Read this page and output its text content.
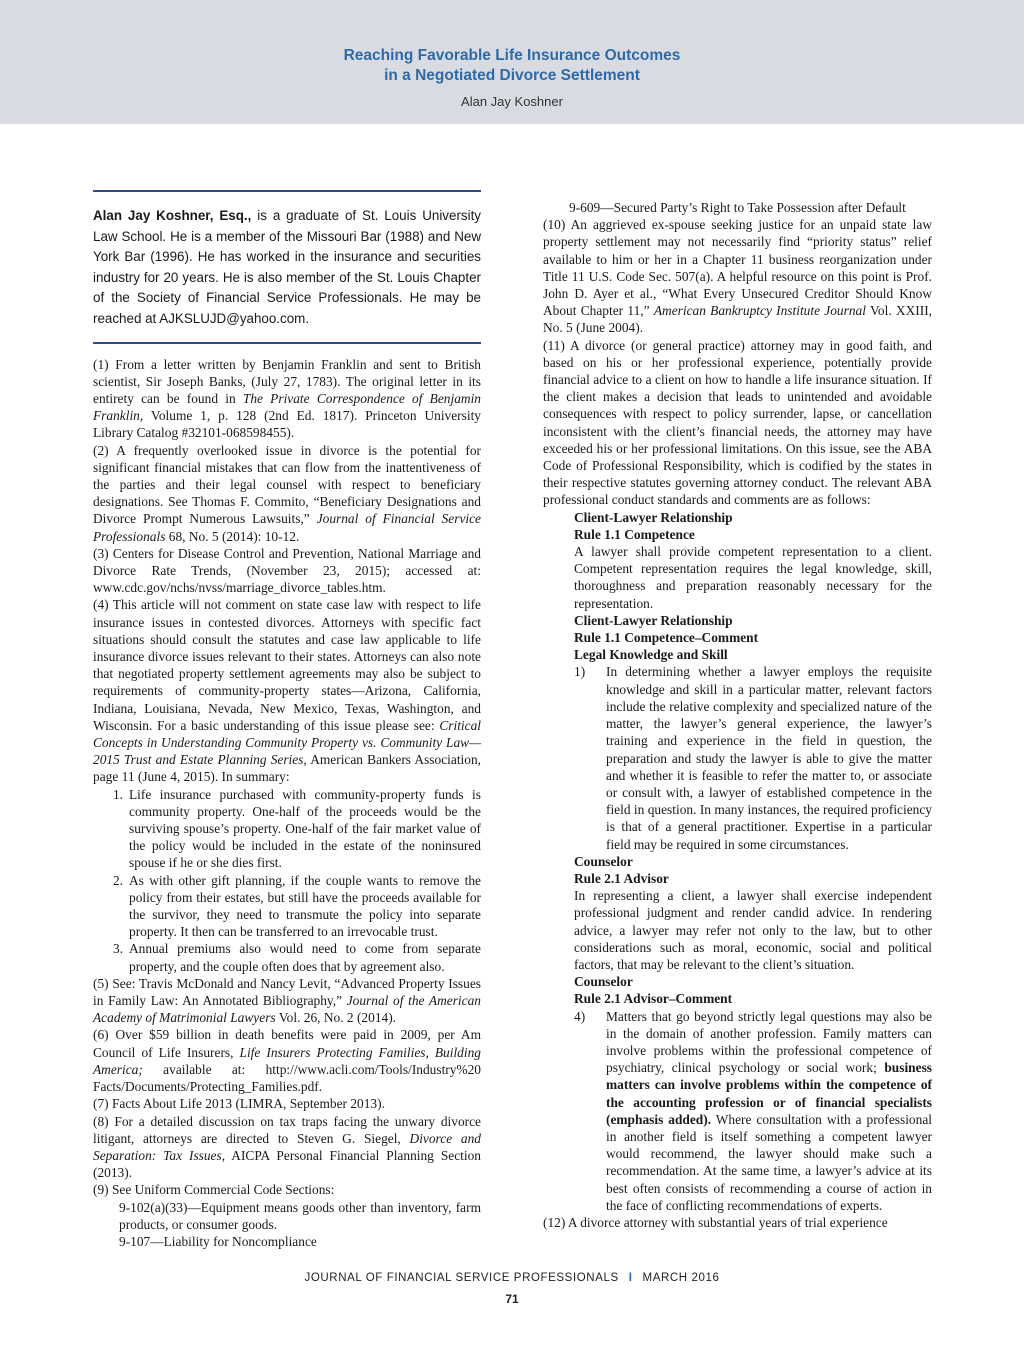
Reaching Favorable Life Insurance Outcomes
in a Negotiated Divorce Settlement
Alan Jay Koshner
Alan Jay Koshner, Esq., is a graduate of St. Louis University Law School. He is a member of the Missouri Bar (1988) and New York Bar (1996). He has worked in the insurance and securities industry for 20 years. He is also member of the St. Louis Chapter of the Society of Financial Service Professionals. He may be reached at AJKSLUJD@yahoo.com.

(1) From a letter written by Benjamin Franklin and sent to British scientist, Sir Joseph Banks, (July 27, 1783). The original letter in its entirety can be found in The Private Correspondence of Benjamin Franklin, Volume 1, p. 128 (2nd Ed. 1817). Princeton University Library Catalog #32101-068598455).

(2) A frequently overlooked issue in divorce is the potential for significant financial mistakes that can flow from the inattentiveness of the parties and their legal counsel with respect to beneficiary designations. See Thomas F. Commito, “Beneficiary Designations and Divorce Prompt Numerous Lawsuits,” Journal of Financial Service Professionals 68, No. 5 (2014): 10-12.

(3) Centers for Disease Control and Prevention, National Marriage and Divorce Rate Trends, (November 23, 2015); accessed at: www.cdc.gov/nchs/nvss/marriage_divorce_tables.htm.

(4) This article will not comment on state case law with respect to life insurance issues in contested divorces. Attorneys with specific fact situations should consult the statutes and case law applicable to life insurance divorce issues relevant to their states. Attorneys can also note that negotiated property settlement agreements may also be subject to requirements of community-property states—Arizona, California, Indiana, Louisiana, Nevada, New Mexico, Texas, Washington, and Wisconsin. For a basic understanding of this issue please see: Critical Concepts in Understanding Community Property vs. Community Law—2015 Trust and Estate Planning Series, American Bankers Association, page 11 (June 4, 2015). In summary:

1. Life insurance purchased with community-property funds is community property. One-half of the proceeds would be the surviving spouse’s property. One-half of the fair market value of the policy would be included in the estate of the noninsured spouse if he or she dies first.
2. As with other gift planning, if the couple wants to remove the policy from their estates, but still have the proceeds available for the survivor, they need to transmute the policy into separate property. It then can be transferred to an irrevocable trust.
3. Annual premiums also would need to come from separate property, and the couple often does that by agreement also.

(5) See: Travis McDonald and Nancy Levit, “Advanced Property Issues in Family Law: An Annotated Bibliography,” Journal of the American Academy of Matrimonial Lawyers Vol. 26, No. 2 (2014).

(6) Over $59 billion in death benefits were paid in 2009, per Am Council of Life Insurers, Life Insurers Protecting Families, Building America; available at: http://www.acli.com/Tools/Industry%20 Facts/Documents/Protecting_Families.pdf.

(7) Facts About Life 2013 (LIMRA, September 2013).

(8) For a detailed discussion on tax traps facing the unwary divorce litigant, attorneys are directed to Steven G. Siegel, Divorce and Separation: Tax Issues, AICPA Personal Financial Planning Section (2013).

(9) See Uniform Commercial Code Sections:

9-102(a)(33)—Equipment means goods other than inventory, farm products, or consumer goods.

9-107—Liability for Noncompliance

9-609—Secured Party’s Right to Take Possession after Default

(10) An aggrieved ex-spouse seeking justice for an unpaid state law property settlement may not necessarily find “priority status” relief available to him or her in a Chapter 11 business reorganization under Title 11 U.S. Code Sec. 507(a). A helpful resource on this point is Prof. John D. Ayer et al., “What Every Unsecured Creditor Should Know About Chapter 11,” American Bankruptcy Institute Journal Vol. XXIII, No. 5 (June 2004).

(11) A divorce (or general practice) attorney may in good faith, and based on his or her professional experience, potentially provide financial advice to a client on how to handle a life insurance situation. If the client makes a decision that leads to unintended and avoidable consequences with respect to policy surrender, lapse, or cancellation inconsistent with the client’s financial needs, the attorney may have exceeded his or her professional limitations. On this issue, see the ABA Code of Professional Responsibility, which is codified by the states in their respective statutes governing attorney conduct. The relevant ABA professional conduct standards and comments are as follows:

Client-Lawyer Relationship

Rule 1.1 Competence

A lawyer shall provide competent representation to a client. Competent representation requires the legal knowledge, skill, thoroughness and preparation reasonably necessary for the representation.

Client-Lawyer Relationship

Rule 1.1 Competence–Comment

Legal Knowledge and Skill

1)	In determining whether a lawyer employs the requisite knowledge and skill in a particular matter, relevant factors include the relative complexity and specialized nature of the matter, the lawyer’s general experience, the lawyer’s training and experience in the field in question, the preparation and study the lawyer is able to give the matter and whether it is feasible to refer the matter to, or associate or consult with, a lawyer of established competence in the field in question. In many instances, the required proficiency is that of a general practitioner. Expertise in a particular field may be required in some circumstances.

Counselor

Rule 2.1 Advisor

In representing a client, a lawyer shall exercise independent professional judgment and render candid advice. In rendering advice, a lawyer may refer not only to the law, but to other considerations such as moral, economic, social and political factors, that may be relevant to the client’s situation.

Counselor

Rule 2.1 Advisor–Comment

4)	Matters that go beyond strictly legal questions may also be in the domain of another profession. Family matters can involve problems within the professional competence of psychiatry, clinical psychology or social work; business matters can involve problems within the competence of the accounting profession or of financial specialists (emphasis added). Where consultation with a professional in another field is itself something a competent lawyer would recommend, the lawyer should make such a recommendation. At the same time, a lawyer’s advice at its best often consists of recommending a course of action in the face of conflicting recommendations of experts.

(12) A divorce attorney with substantial years of trial experience

JOURNAL OF FINANCIAL SERVICE PROFESSIONALS I MARCH 2016
71
